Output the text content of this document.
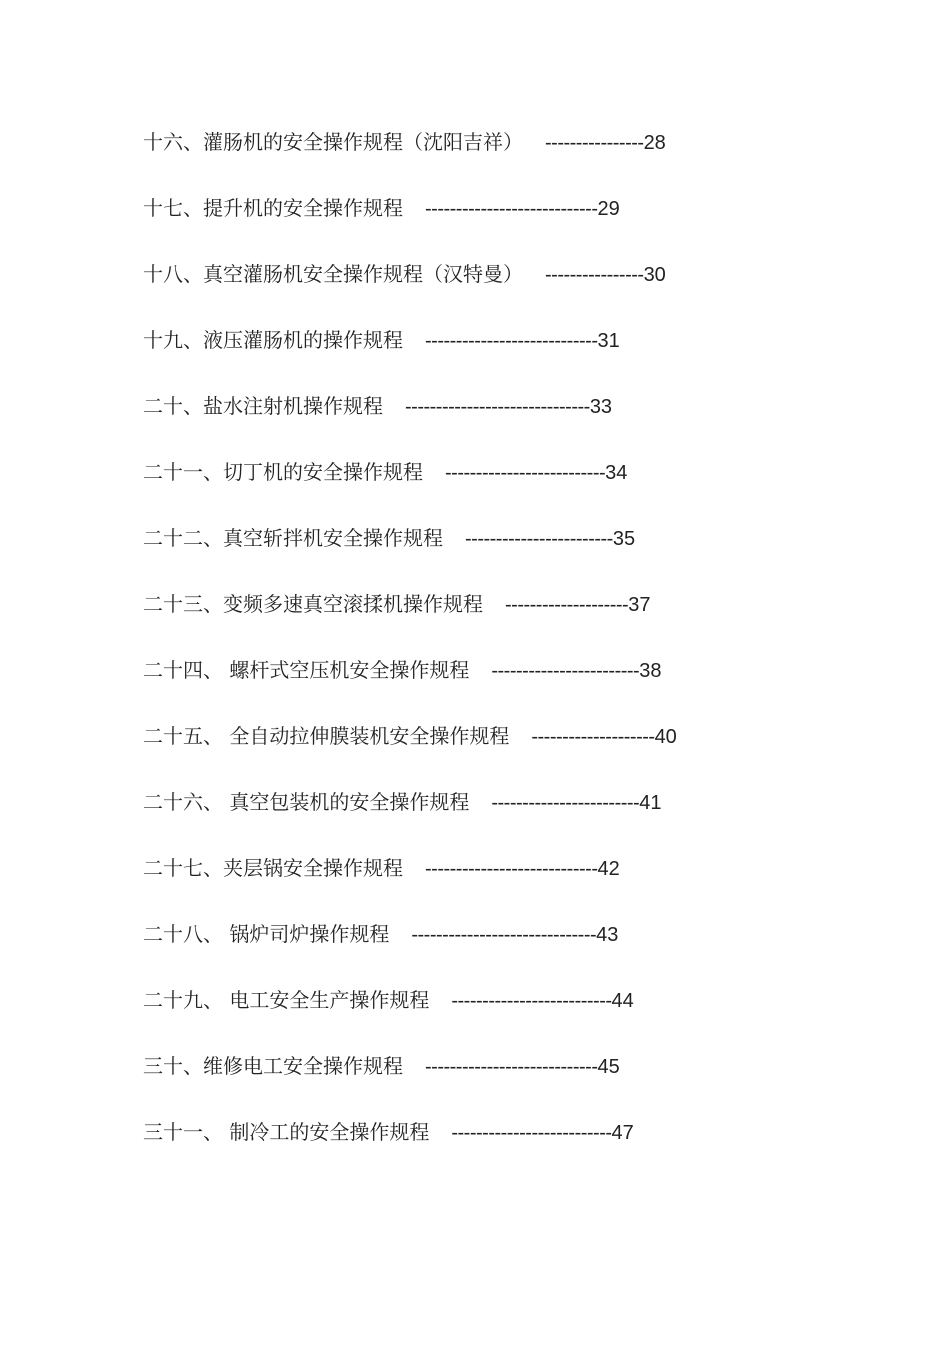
十六、灌肠机的安全操作规程（沈阳吉祥） ----------------28
十七、提升机的安全操作规程 ----------------------------29
十八、真空灌肠机安全操作规程（汉特曼） ----------------30
十九、液压灌肠机的操作规程 ----------------------------31
二十、盐水注射机操作规程 ------------------------------33
二十一、切丁机的安全操作规程 --------------------------34
二十二、真空斩拌机安全操作规程 ------------------------35
二十三、变频多速真空滚揉机操作规程 --------------------37
二十四、 螺杆式空压机安全操作规程 ------------------------38
二十五、 全自动拉伸膜装机安全操作规程 --------------------40
二十六、 真空包装机的安全操作规程 ------------------------41
二十七、夹层锅安全操作规程 ----------------------------42
二十八、 锅炉司炉操作规程 ------------------------------43
二十九、 电工安全生产操作规程 --------------------------44
三十、维修电工安全操作规程 ----------------------------45
三十一、 制冷工的安全操作规程 --------------------------47
